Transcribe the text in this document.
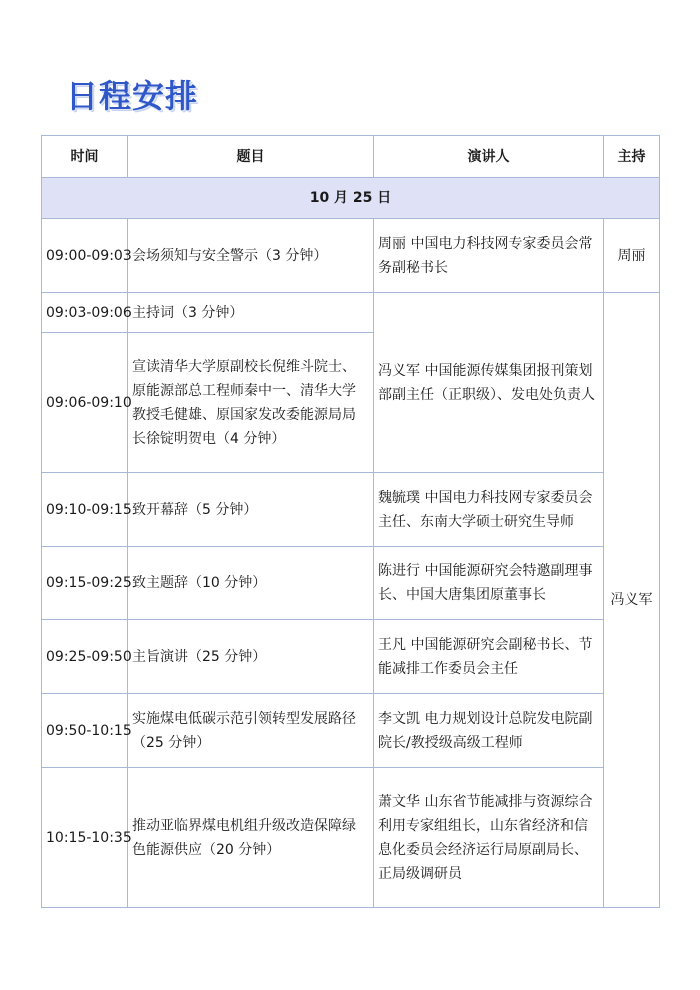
日程安排
时间	题目	演讲人	主持
10 月 25 日			
09:00-09:03	会场须知与安全警示（3 分钟）	周丽 中国电力科技网专家委员会常务副秘书长	周丽
09:03-09:06	主持词（3 分钟）	冯义军 中国能源传媒集团报刊策划部副主任（正职级）、发电处负责人	冯义军
09:06-09:10	宣读清华大学原副校长倪维斗院士、原能源部总工程师秦中一、清华大学教授毛健雄、原国家发改委能源局局长徐锭明贺电（4 分钟）		
09:10-09:15	致开幕辞（5 分钟）	魏毓璞 中国电力科技网专家委员会主任、东南大学硕士研究生导师	
09:15-09:25	致主题辞（10 分钟）	陈进行 中国能源研究会特邀副理事长、中国大唐集团原董事长	
09:25-09:50	主旨演讲（25 分钟）	王凡 中国能源研究会副秘书长、节能减排工作委员会主任	
09:50-10:15	实施煤电低碳示范引领转型发展路径（25 分钟）	李文凯 电力规划设计总院发电院副院长/教授级高级工程师	
10:15-10:35	推动亚临界煤电机组升级改造保障绿色能源供应（20 分钟）	萧文华 山东省节能减排与资源综合利用专家组组长，山东省经济和信息化委员会经济运行局原副局长、正局级调研员	
